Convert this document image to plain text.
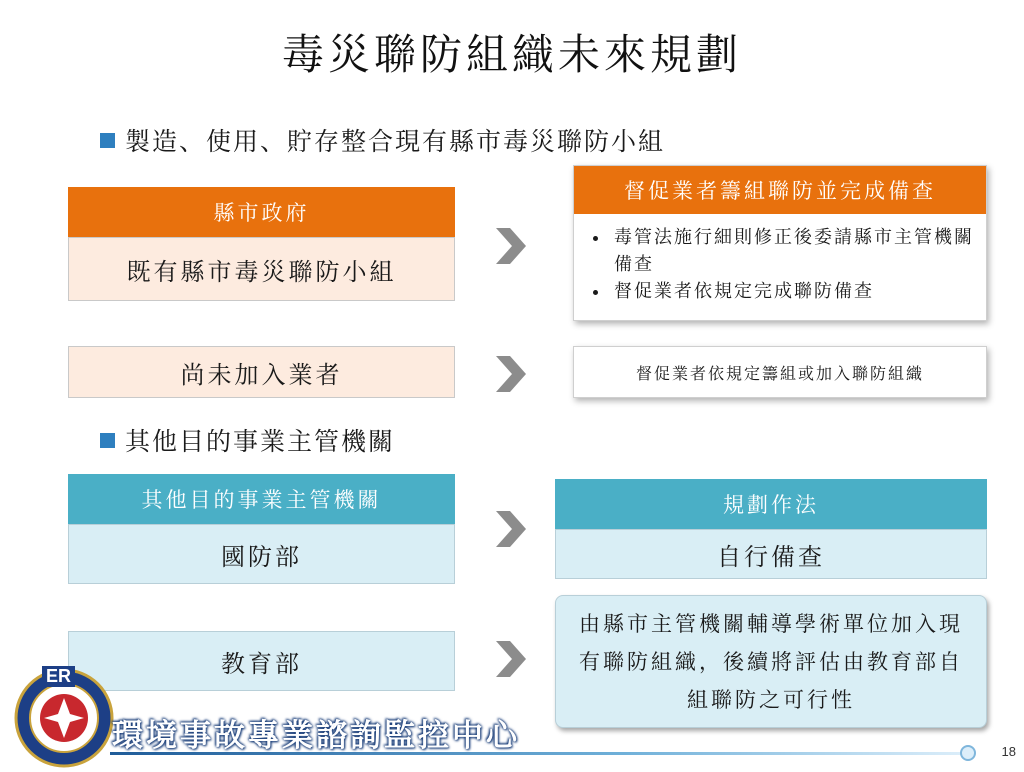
毒災聯防組織未來規劃
製造、使用、貯存整合現有縣市毒災聯防小組
縣市政府
既有縣市毒災聯防小組
督促業者籌組聯防並完成備查
• 毒管法施行細則修正後委請縣市主管機關備查
• 督促業者依規定完成聯防備查
尚未加入業者	督促業者依規定籌組或加入聯防組織
其他目的事業主管機關
其他目的事業主管機關
國防部
規劃作法
自行備查
教育部
由縣市主管機關輔導學術單位加入現有聯防組織，後續將評估由教育部自組聯防之可行性
ER
環境事故專業諮詢監控中心	18
